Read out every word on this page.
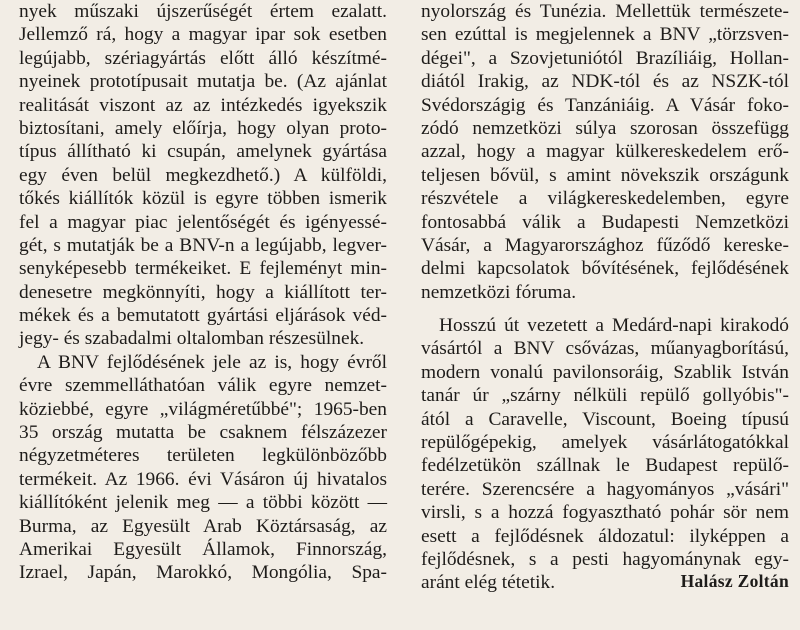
nyek műszaki újszerűségét értem ezalatt.
Jellemző rá, hogy a magyar ipar sok esetben
legújabb, szériagyártás előtt álló készítmé-
nyeinek prototípusait mutatja be. (Az ajánlat
realitását viszont az az intézkedés igyekszik
biztosítani, amely előírja, hogy olyan proto-
típus állítható ki csupán, amelynek gyártása
egy éven belül megkezdhető.) A külföldi,
tőkés kiállítók közül is egyre többen ismerik
fel a magyar piac jelentőségét és igényessé-
gét, s mutatják be a BNV-n a legújabb, legver-
senyképesebb termékeiket. E fejleményt min-
denesetre megkönnyíti, hogy a kiállított ter-
mékek és a bemutatott gyártási eljárások véd-
jegy- és szabadalmi oltalomban részesülnek.
A BNV fejlődésének jele az is, hogy évről
évre szemmelláthatóan válik egyre nemzet-
köziebbé, egyre „világméretűbbé"; 1965-ben
35 ország mutatta be csaknem félszázezer
négyzetméteres területen legkülönbözőbb
termékeit. Az 1966. évi Vásáron új hivatalos
kiállítóként jelenik meg — a többi között —
Burma, az Egyesült Arab Köztársaság, az
Amerikai Egyesült Államok, Finnország,
Izrael, Japán, Marokkó, Mongólia, Spa-
nyolország és Tunézia. Mellettük természete-
sen ezúttal is megjelennek a BNV „törzsven-
dégei", a Szovjetuniótól Brazíliáig, Hollan-
diától Irakig, az NDK-tól és az NSZK-tól
Svédországig és Tanzániáig. A Vásár foko-
zódó nemzetközi súlya szorosan összefügg
azzal, hogy a magyar külkereskedelem erő-
teljesen bővül, s amint növekszik országunk
részvétele a világkereskedelemben, egyre
fontosabbá válik a Budapesti Nemzetközi
Vásár, a Magyarországhoz fűződő kereske-
delmi kapcsolatok bővítésének, fejlődésének
nemzetközi fóruma.
Hosszú út vezetett a Medárd-napi kirakodó
vásártól a BNV csővázas, műanyagborítású,
modern vonalú pavilonsoráig, Szablik István
tanár úr „szárny nélküli repülő gollyóbis"-
ától a Caravelle, Viscount, Boeing típusú
repülőgépekig, amelyek vásárlátogatókkal
fedélzetükön szállnak le Budapest repülő-
terére. Szerencsére a hagyományos „vásári"
virsli, s a hozzá fogyasztható pohár sör nem
esett a fejlődésnek áldozatul: ilyképpen a
fejlődésnek, s a pesti hagyománynak egy-
aránt elég tétetik.	Halász Zoltán
